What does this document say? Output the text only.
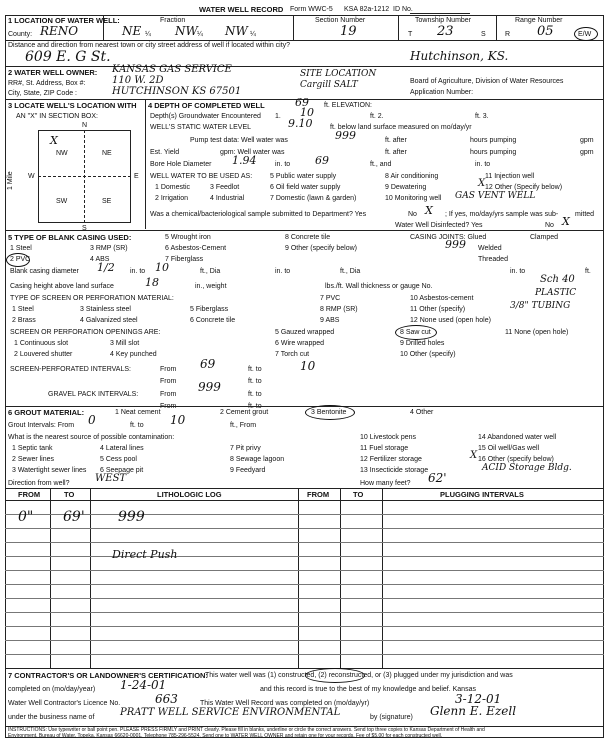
WATER WELL RECORD Form WWC-5 KSA 82a-1212 ID No.
1 LOCATION OF WATER WELL:
County: RENO
Fraction
NE ¼ NW ¼ NW ¼
Section Number
19
Township Number
T 23	S
Range Number
R 05	E/W
Distance and direction from nearest town or city street address of well if located within city?
609 E. G St.	Hutchinson, KS.
2 WATER WELL OWNER:
RR#, St. Address, Box #:
City, State, ZIP Code :
KANSAS GAS SERVICE
110 W. 2D
HUTCHINSON KS 67501
SITE LOCATION
Cargill SALT	Board of Agriculture, Division of Water Resources
Application Number:
3 LOCATE WELL'S LOCATION WITH
AN "X" IN SECTION BOX:
N
S
W	E
NW	NE
SW	SE
X
1 Mile
4 DEPTH OF COMPLETED WELL	69 ft. ELEVATION:
Depth(s) Groundwater Encountered 1. 10	ft. 2.	ft. 3.
WELL'S STATIC WATER LEVEL	9.10	ft. below land surface measured on mo/day/yr
Pump test data: Well water was	999	ft. after	hours pumping	gpm
Est. Yield	gpm: Well water was	ft. after	hours pumping	gpm
Bore Hole Diameter 1.94	in. to 69	ft., and	in. to
WELL WATER TO BE USED AS:
1 Domestic
2 Irrigation
3 Feedlot
4 Industrial
5 Public water supply
6 Oil field water supply
7 Domestic (lawn & garden)
8 Air conditioning
9 Dewatering
10 Monitoring well
11 Injection well
12 Other (Specify below)
X
GAS VENT WELL
Was a chemical/bacteriological sample submitted to Department? Yes	No X ; If yes, mo/day/yrs sample was sub- mitted
Water Well Disinfected? Yes	No X
5 TYPE OF BLANK CASING USED:
1 Steel
2 PVC
3 RMP (SR)
4 ABS
5 Wrought iron
6 Asbestos-Cement
7 Fiberglass
8 Concrete tile
9 Other (specify below)
CASING JOINTS: Glued	Clamped
999 Welded
Threaded
Blank casing diameter 1/2 in. to 10	ft., Dia	in. to	ft., Dia	in. to	ft.
Casing height above land surface	18	in., weight	lbs./ft. Wall thickness or gauge No.
Sch 40
TYPE OF SCREEN OR PERFORATION MATERIAL:
1 Steel
2 Brass
3 Stainless steel
4 Galvanized steel
5 Fiberglass
6 Concrete tile
7 PVC
8 RMP (SR)
9 ABS
10 Asbestos-cement
11 Other (specify)
12 None used (open hole)
PLASTIC
3/8" TUBING
SCREEN OR PERFORATION OPENINGS ARE:
1 Continuous slot
2 Louvered shutter
3 Mill slot
4 Key punched
5 Gauzed wrapped
6 Wire wrapped
7 Torch cut
8 Saw cut
9 Drilled holes
10 Other (specify)
11 None (open hole)
SCREEN-PERFORATED INTERVALS:	From 69	ft. to	10
From	ft. to
GRAVEL PACK INTERVALS:	From
999
ft. to
From	ft. to
6 GROUT MATERIAL:	1 Neat cement	2 Cement grout	3 Bentonite	4 Other
Grout Intervals: From 0	ft. to 10	ft., From
What is the nearest source of possible contamination:
1 Septic tank
2 Sewer lines
3 Watertight sewer lines
4 Lateral lines
5 Cess pool
6 Seepage pit
7 Pit privy
8 Sewage lagoon
9 Feedyard
10 Livestock pens
11 Fuel storage
12 Fertilizer storage
13 Insecticide storage
14 Abandoned water well
15 Oil well/Gas well
16 Other (specify below)
X
ACID Storage Bldg.
Direction from well?	WEST	How many feet? 62'
FROM	TO	LITHOLOGIC LOG	FROM	TO	PLUGGING INTERVALS
0" 69' 999
Direct Push
7 CONTRACTOR'S OR LANDOWNER'S CERTIFICATION:
This water well was (1) constructed, (2) reconstructed, or (3) plugged under my jurisdiction and was
completed on (mo/day/year) 1-24-01	and this record is true to the best of my knowledge and belief. Kansas
Water Well Contractor's Licence No.	663	This Water Well Record was completed on (mo/day/yr)	3-12-01
under the business name of	PRATT WELL SERVICE ENVIRONMENTAL	by (signature) Glenn E. Ezell
INSTRUCTIONS: Use typewriter or ball point pen. PLEASE PRESS FIRMLY and PRINT clearly. Please fill in blanks, underline or circle the correct answers. Send top three copies to Kansas Department of Health and
Environment, Bureau of Water, Topeka, Kansas 66620-0001. Telephone 785-296-5524. Send one to WATER WELL OWNER and retain one for your records. Fee of $5.00 for each constructed well.
